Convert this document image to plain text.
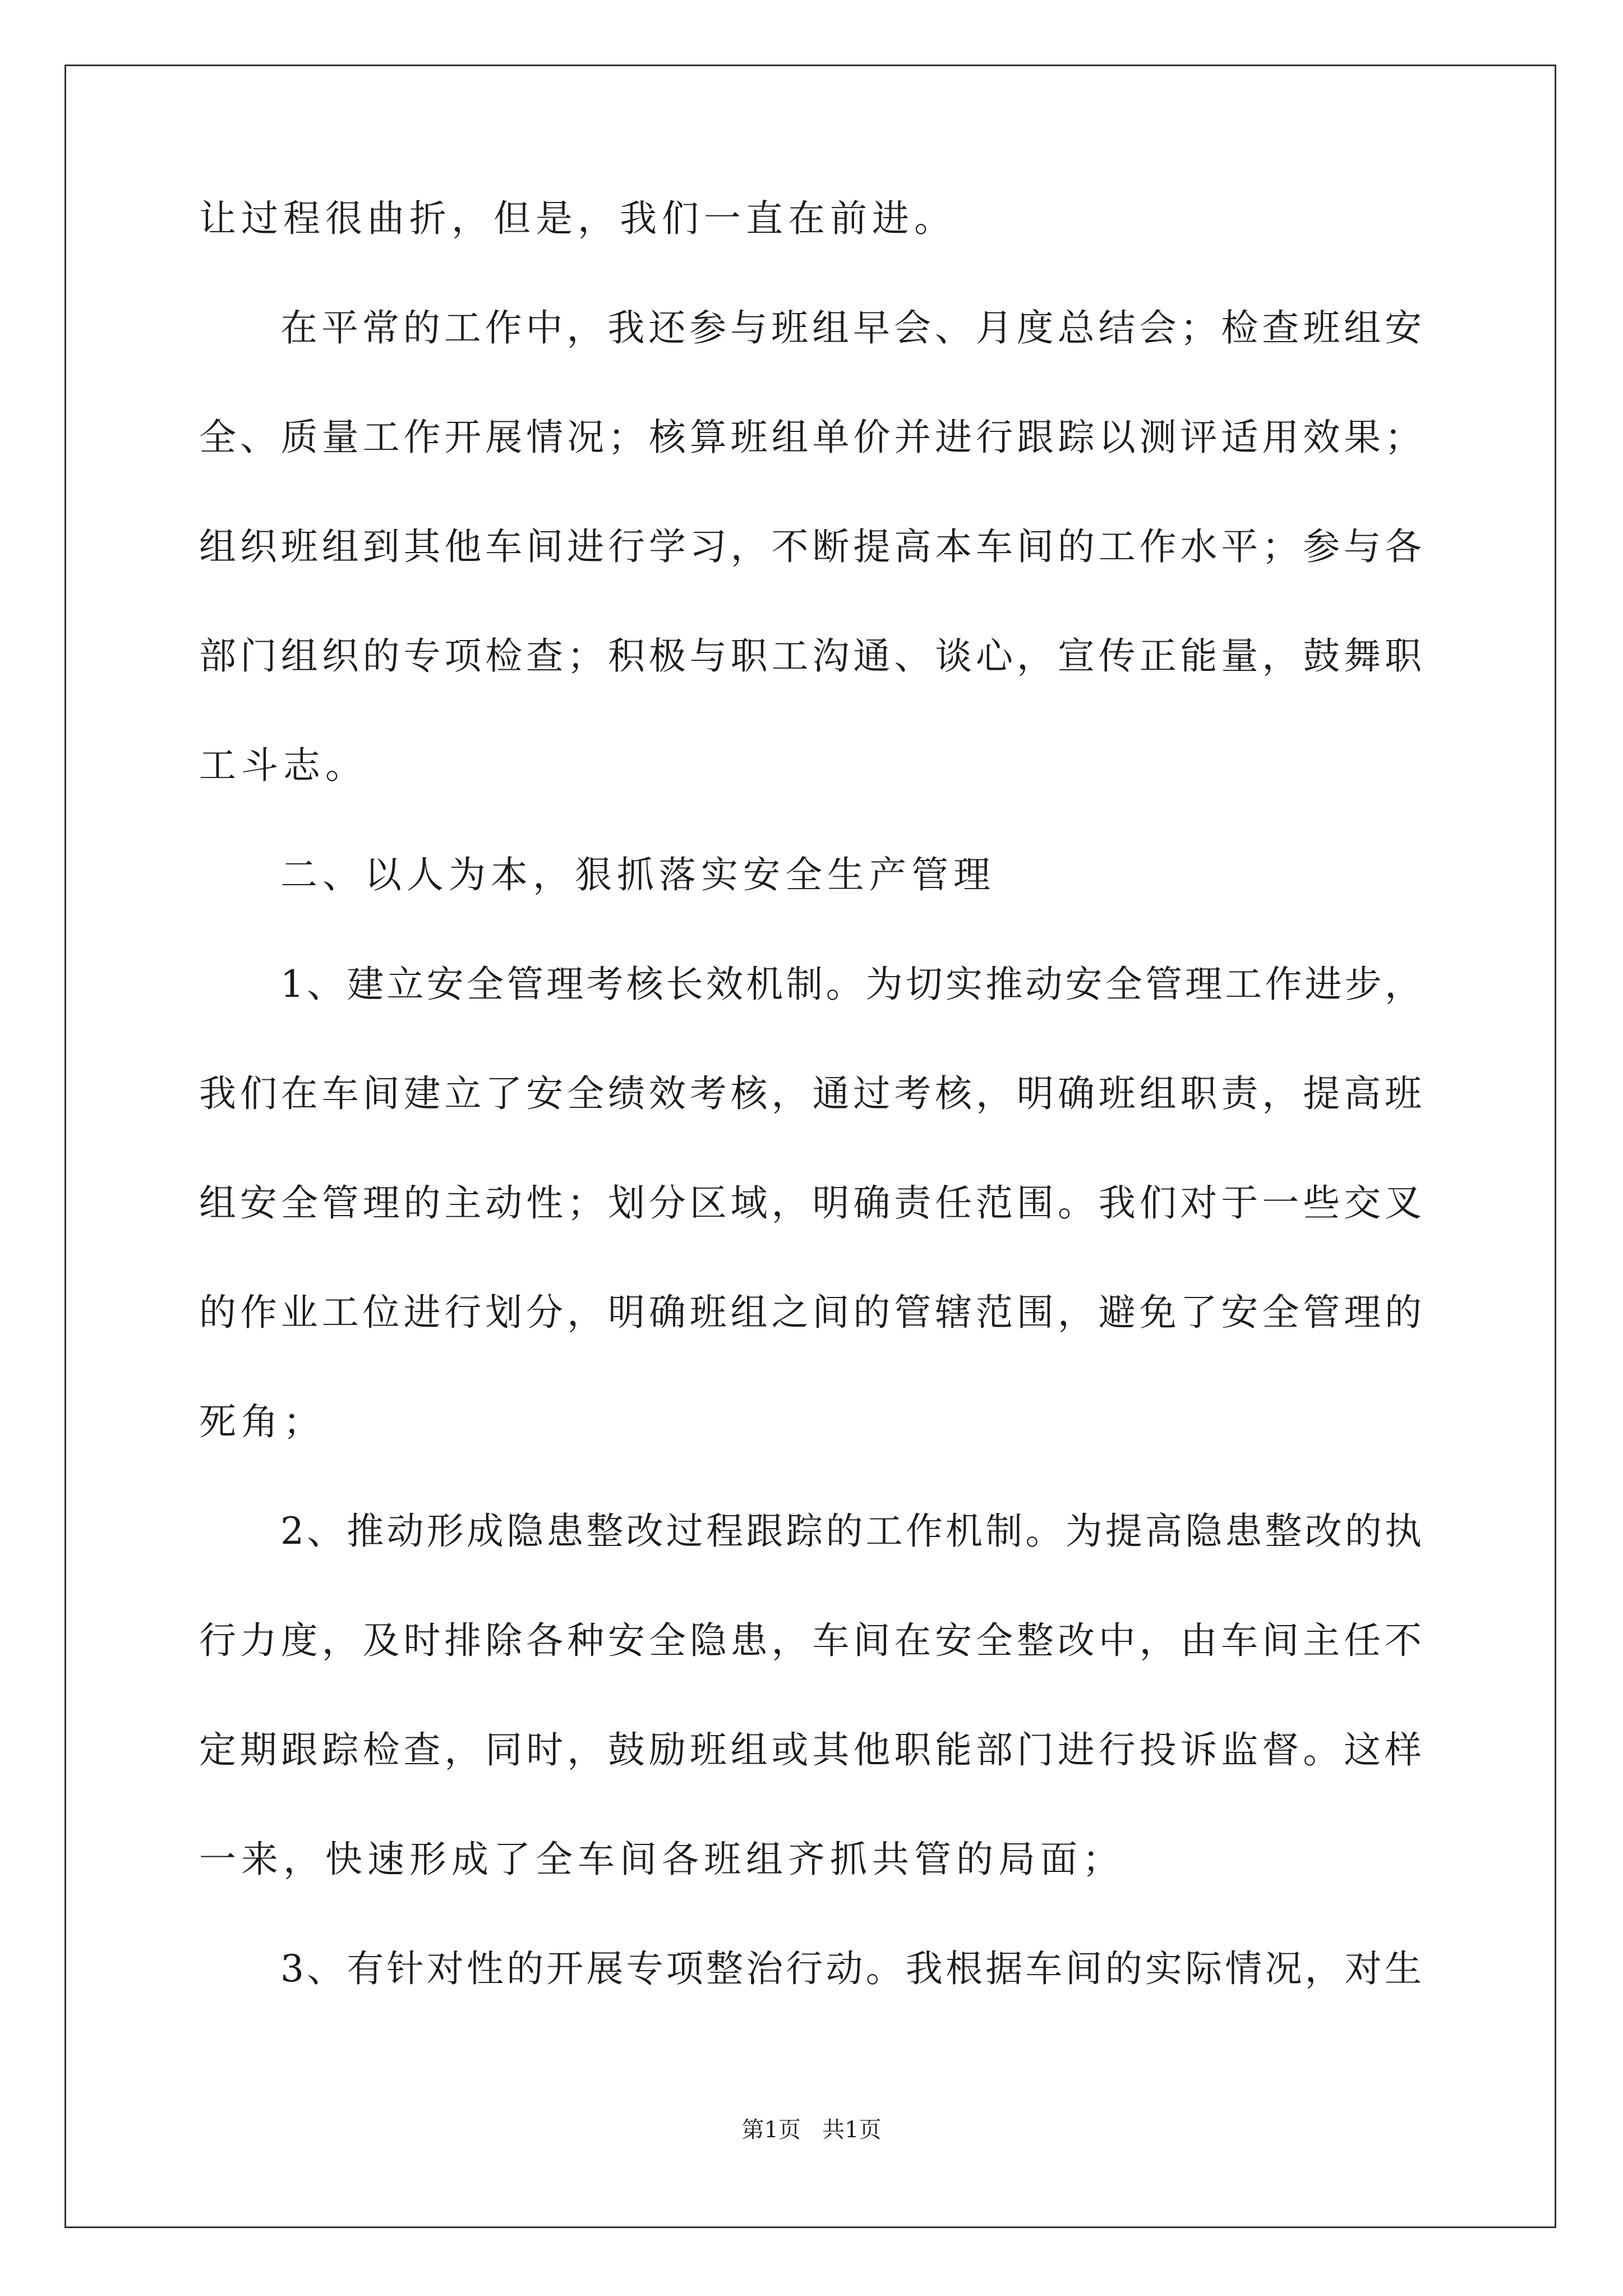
让过程很曲折，但是，我们一直在前进。
在平常的工作中，我还参与班组早会、月度总结会；检查班组安
全、质量工作开展情况；核算班组单价并进行跟踪以测评适用效果；
组织班组到其他车间进行学习，不断提高本车间的工作水平；参与各
部门组织的专项检查；积极与职工沟通、谈心，宣传正能量，鼓舞职
工斗志。
二、以人为本，狠抓落实安全生产管理
1、建立安全管理考核长效机制。为切实推动安全管理工作进步，
我们在车间建立了安全绩效考核，通过考核，明确班组职责，提高班
组安全管理的主动性；划分区域，明确责任范围。我们对于一些交叉
的作业工位进行划分，明确班组之间的管辖范围，避免了安全管理的
死角；
2、推动形成隐患整改过程跟踪的工作机制。为提高隐患整改的执
行力度，及时排除各种安全隐患，车间在安全整改中，由车间主任不
定期跟踪检查，同时，鼓励班组或其他职能部门进行投诉监督。这样
一来，快速形成了全车间各班组齐抓共管的局面；
3、有针对性的开展专项整治行动。我根据车间的实际情况，对生
第1页   共1页
